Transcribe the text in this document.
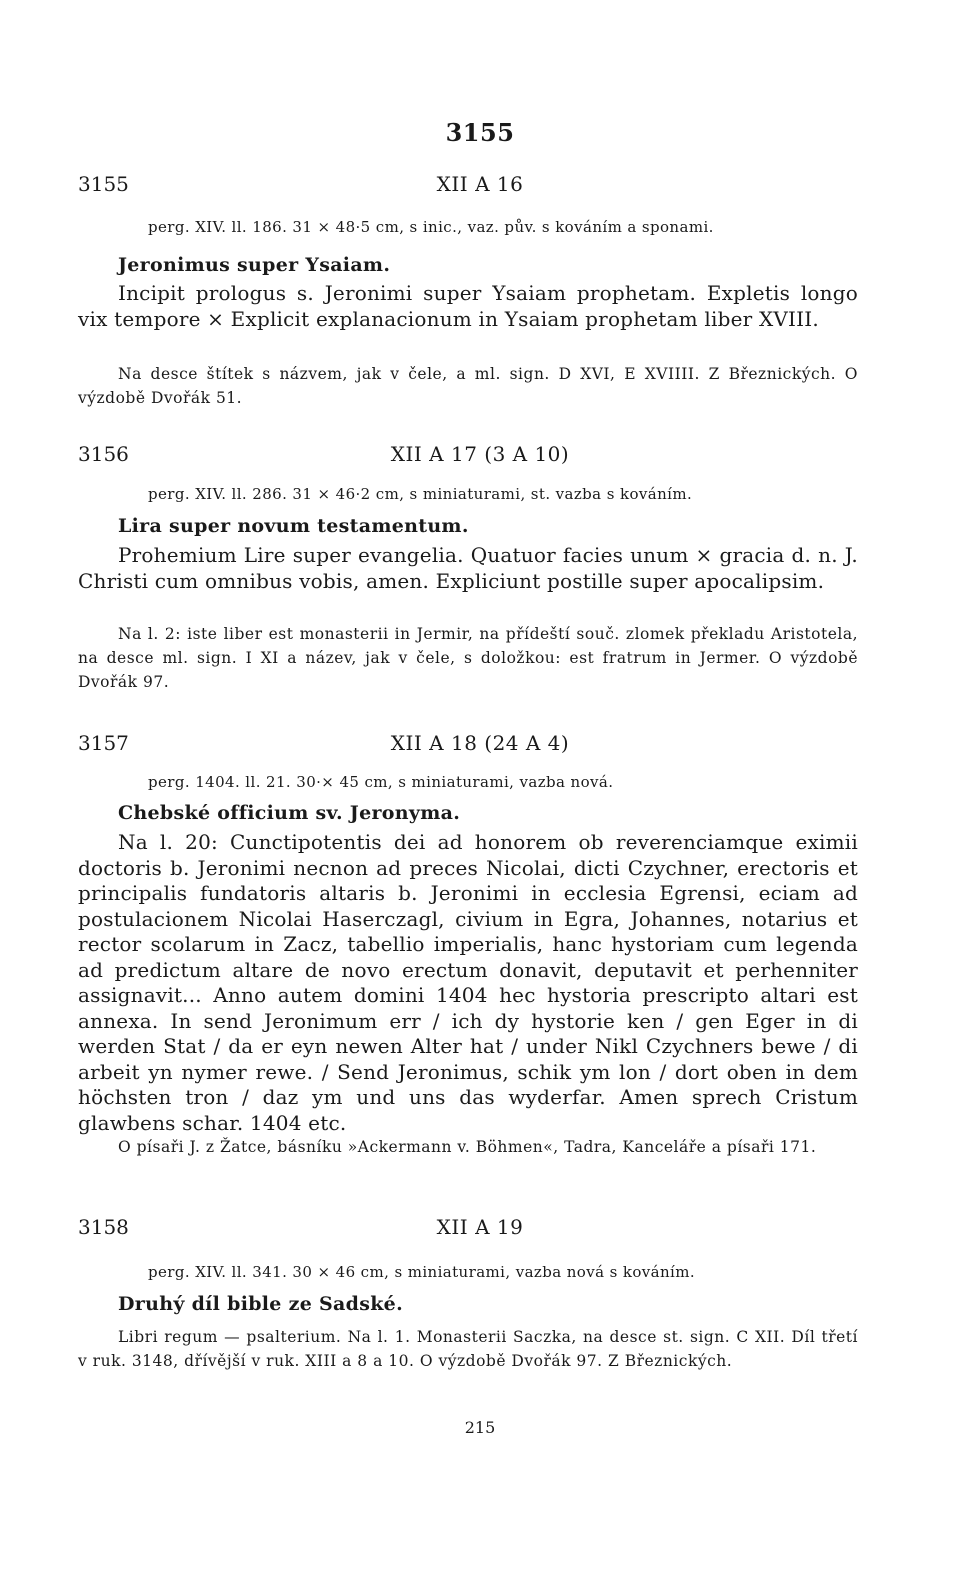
3155
3155	XII A 16
perg. XIV. ll. 186. 31 × 48·5 cm, s inic., vaz. pův. s kováním a sponami.
Jeronimus super Ysaiam.
Incipit prologus s. Jeronimi super Ysaiam prophetam. Expletis longo vix tempore × Explicit explanacionum in Ysaiam prophetam liber XVIII.
Na desce štítek s názvem, jak v čele, a ml. sign. D XVI, E XVIIII. Z Březnických. O výzdobě Dvořák 51.
3156	XII A 17 (3 A 10)
perg. XIV. ll. 286. 31 × 46·2 cm, s miniaturami, st. vazba s kováním.
Lira super novum testamentum.
Prohemium Lire super evangelia. Quatuor facies unum × gracia d. n. J. Christi cum omnibus vobis, amen. Expliciunt postille super apocalipsim.
Na l. 2: iste liber est monasterii in Jermir, na přídeští souč. zlomek překladu Aristotela, na desce ml. sign. I XI a název, jak v čele, s doložkou: est fratrum in Jermer. O výzdobě Dvořák 97.
3157	XII A 18 (24 A 4)
perg. 1404. ll. 21. 30·× 45 cm, s miniaturami, vazba nová.
Chebské officium sv. Jeronyma.
Na l. 20: Cunctipotentis dei ad honorem ob reverenciamque eximii doctoris b. Jeronimi necnon ad preces Nicolai, dicti Czychner, erectoris et principalis fundatoris altaris b. Jeronimi in ecclesia Egrensi, eciam ad postulacionem Nicolai Haserczagl, civium in Egra, Johannes, notarius et rector scolarum in Zacz, tabellio imperialis, hanc hystoriam cum legenda ad predictum altare de novo erectum donavit, deputavit et perhenniter assignavit... Anno autem domini 1404 hec hystoria prescripto altari est annexa. In send Jeronimum err / ich dy hystorie ken / gen Eger in di werden Stat / da er eyn newen Alter hat / under Nikl Czychners bewe / di arbeit yn nymer rewe. / Send Jeronimus, schik ym lon / dort oben in dem höchsten tron / daz ym und uns das wyderfar. Amen sprech Cristum glawbens schar. 1404 etc.
O písaři J. z Žatce, básníku »Ackermann v. Böhmen«, Tadra, Kanceláře a písaři 171.
3158	XII A 19
perg. XIV. ll. 341. 30 × 46 cm, s miniaturami, vazba nová s kováním.
Druhý díl bible ze Sadské.
Libri regum — psalterium. Na l. 1. Monasterii Saczka, na desce st. sign. C XII. Díl třetí v ruk. 3148, dřívější v ruk. XIII a 8 a 10. O výzdobě Dvořák 97. Z Březnických.
215
